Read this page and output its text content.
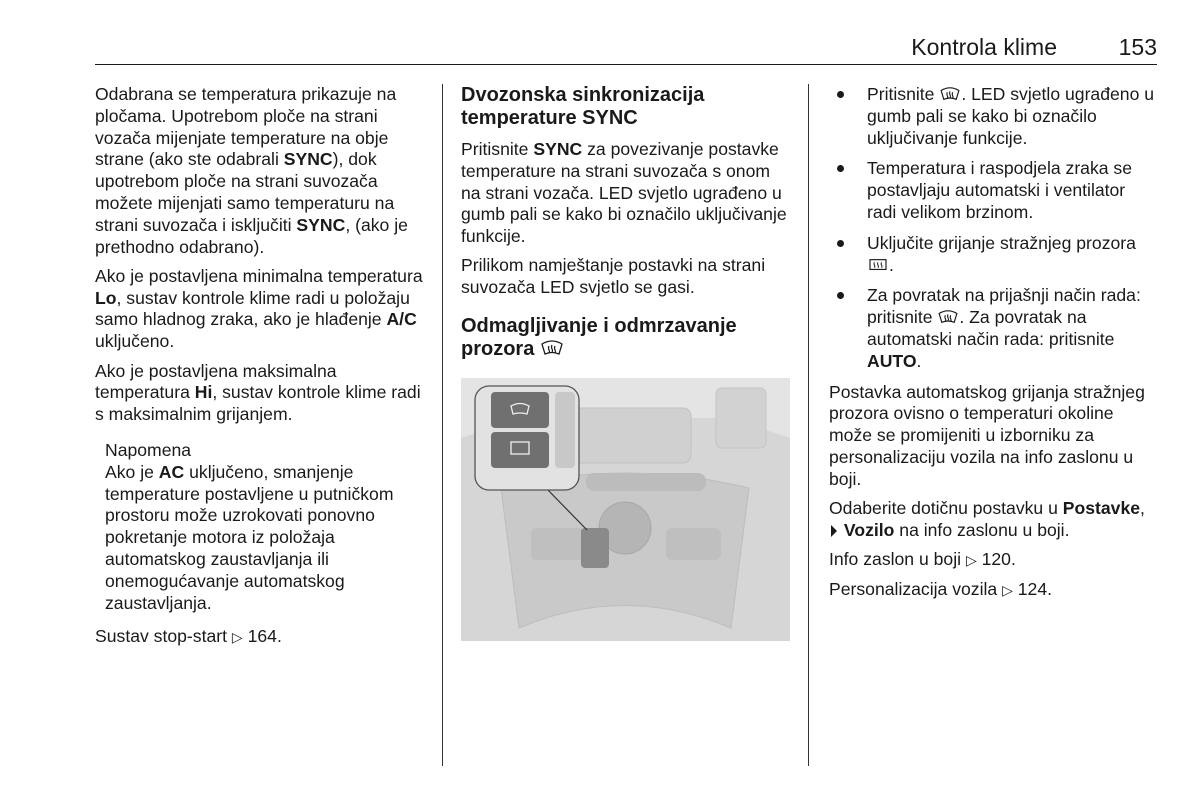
Kontrola klime	153

Odabrana se temperatura prikazuje na pločama. Upotrebom ploče na strani vozača mijenjate temperature na obje strane (ako ste odabrali SYNC), dok upotrebom ploče na strani suvozača možete mijenjati samo temperaturu na strani suvozača i isključiti SYNC, (ako je prethodno odabrano).

Ako je postavljena minimalna temperatura Lo, sustav kontrole klime radi u položaju samo hladnog zraka, ako je hlađenje A/C uključeno.

Ako je postavljena maksimalna temperatura Hi, sustav kontrole klime radi s maksimalnim grijanjem.

Napomena
Ako je AC uključeno, smanjenje temperature postavljene u putničkom prostoru može uzrokovati ponovno pokretanje motora iz položaja automatskog zaustavljanja ili onemogućavanje automatskog zaustavljanja.

Sustav stop-start ▷ 164.

Dvozonska sinkronizacija temperature SYNC

Pritisnite SYNC za povezivanje postavke temperature na strani suvozača s onom na strani vozača. LED svjetlo ugrađeno u gumb pali se kako bi označilo uključivanje funkcije.

Prilikom namještanje postavki na strani suvozača LED svjetlo se gasi.

Odmagljivanje i odmrzavanje prozora
Pritisnite . LED svjetlo ugrađeno u gumb pali se kako bi označilo uključivanje funkcije.
Temperatura i raspodjela zraka se postavljaju automatski i ventilator radi velikom brzinom.
Uključite grijanje stražnjeg prozora .
Za povratak na prijašnji način rada: pritisnite . Za povratak na automatski način rada: pritisnite AUTO.

Postavka automatskog grijanja stražnjeg prozora ovisno o temperaturi okoline može se promijeniti u izborniku za personalizaciju vozila na info zaslonu u boji.

Odaberite dotičnu postavku u Postavke,  Vozilo na info zaslonu u boji.

Info zaslon u boji ▷ 120.

Personalizacija vozila ▷ 124.
